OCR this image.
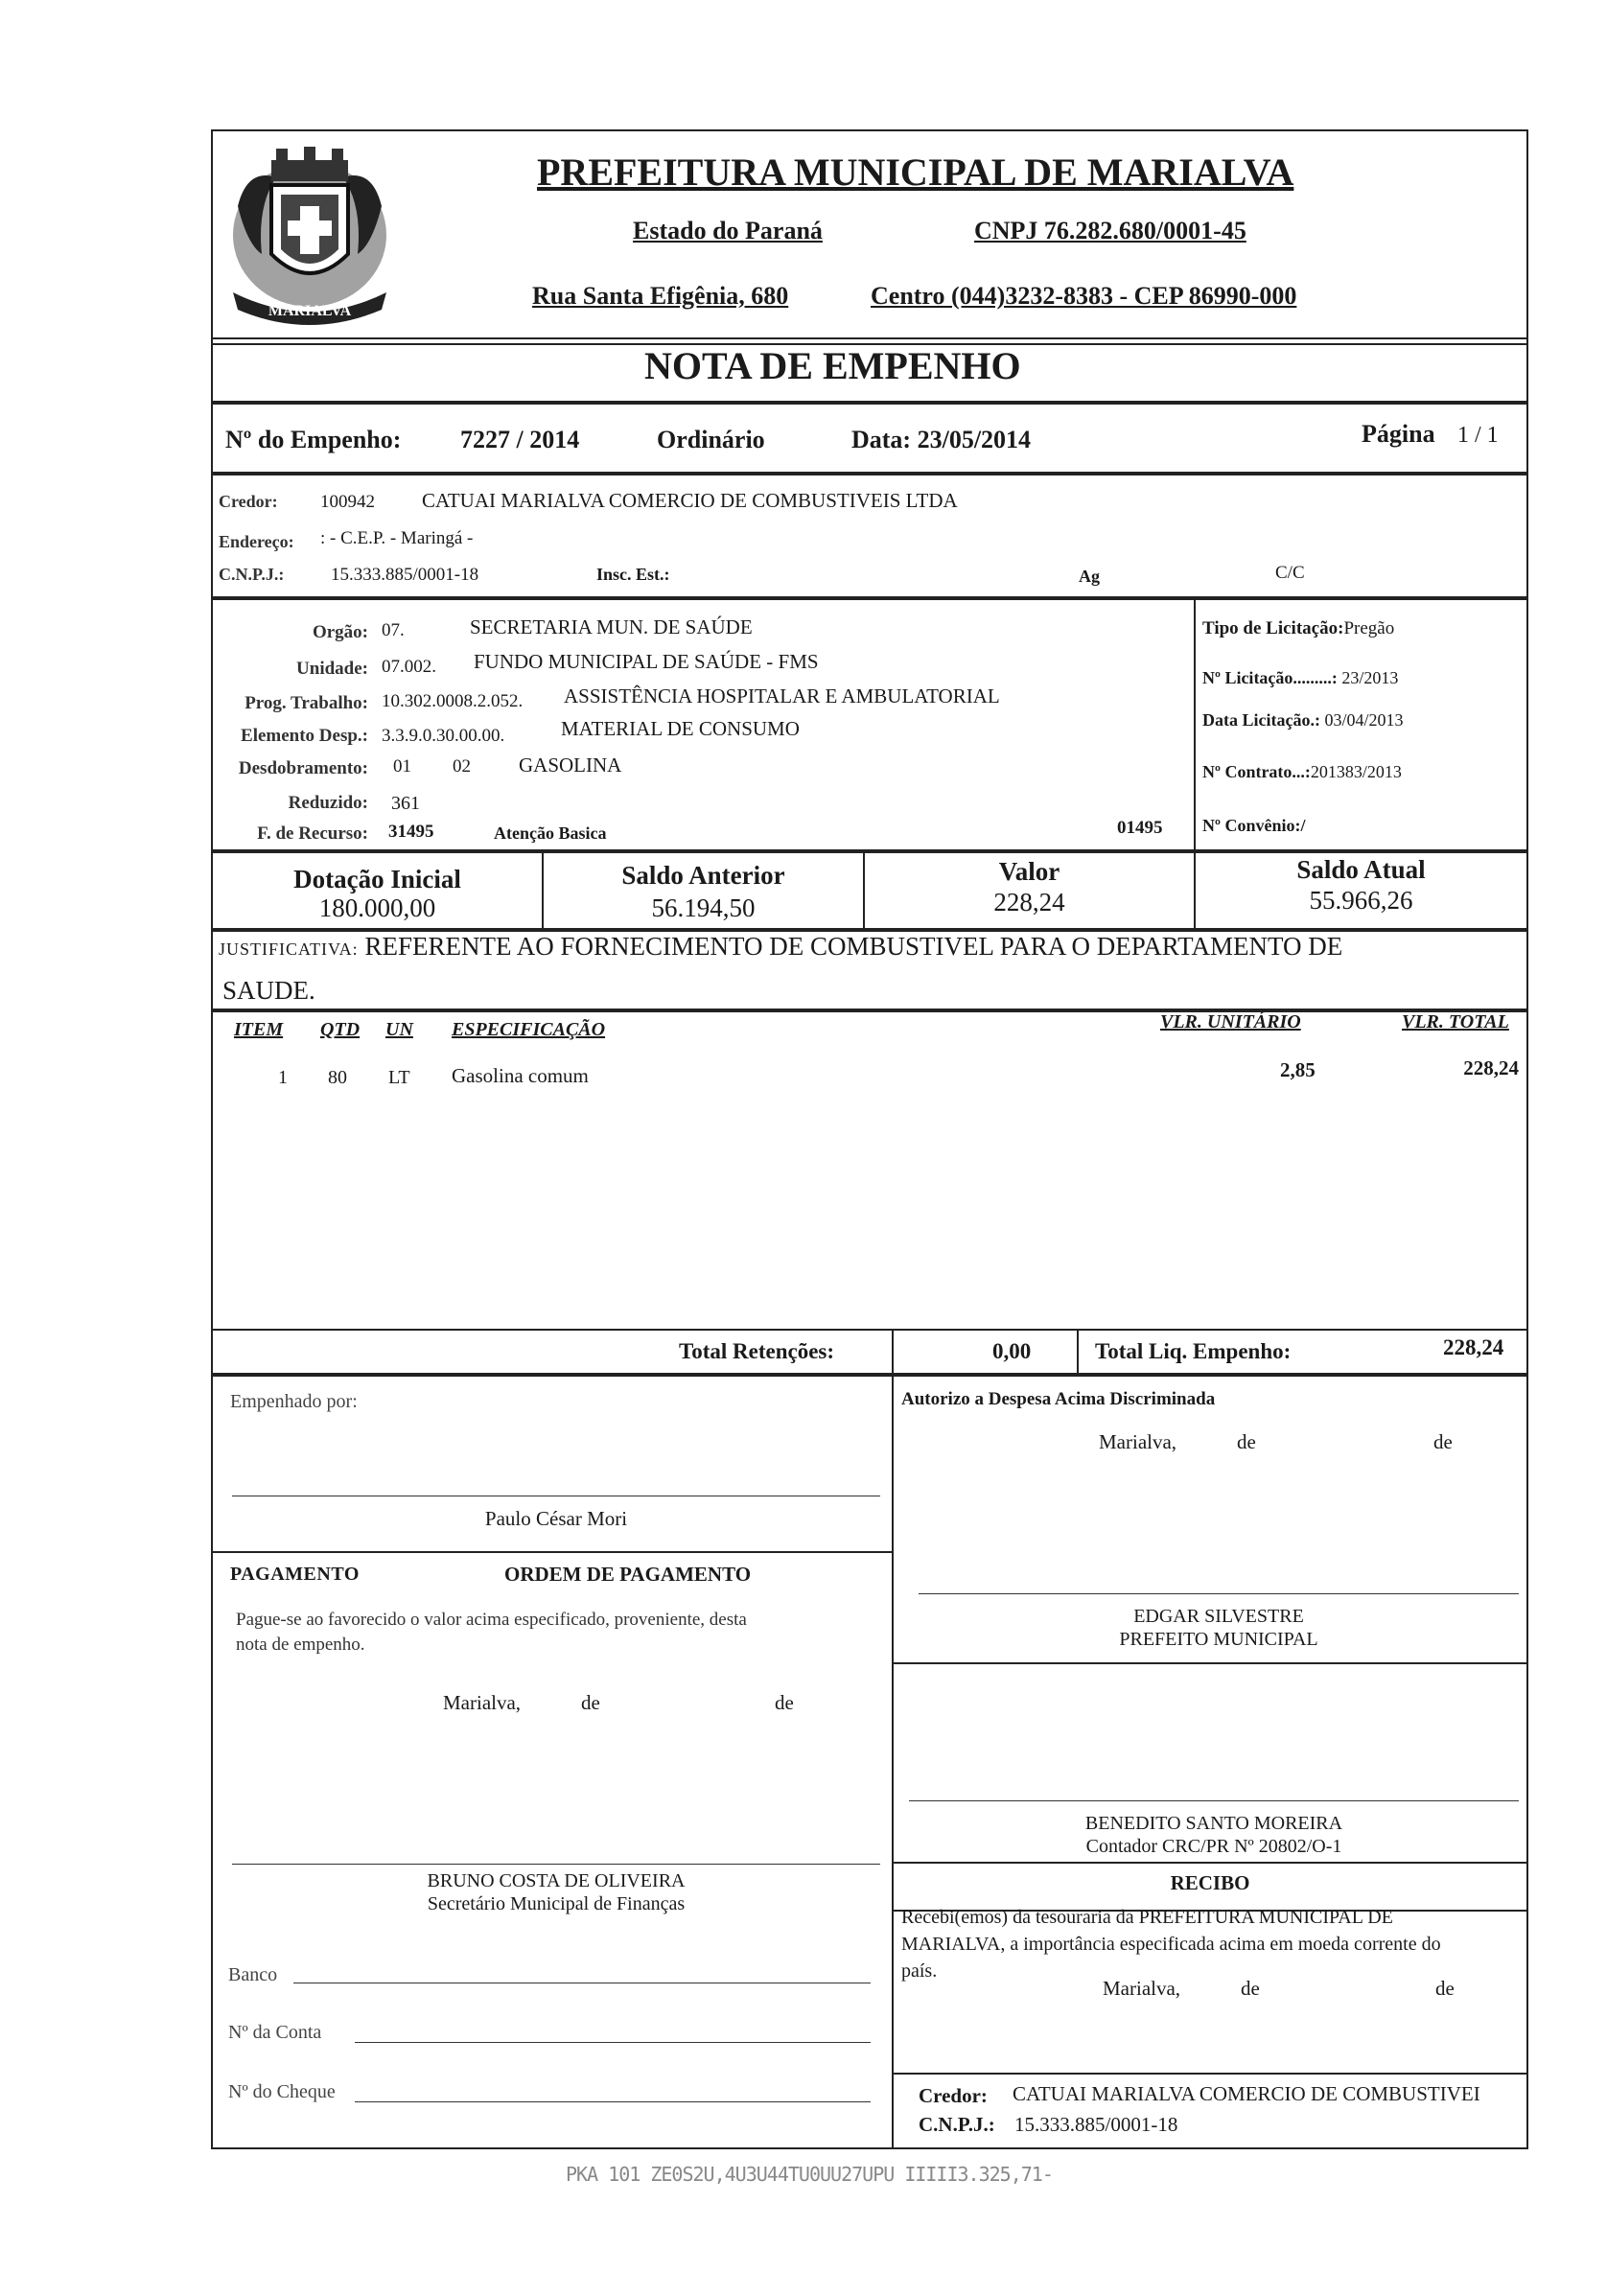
MARIALVA
PREFEITURA MUNICIPAL DE MARIALVA
Estado do Paraná	CNPJ 76.282.680/0001-45
Rua Santa Efigênia, 680	Centro (044)3232-8383 - CEP 86990-000
NOTA DE EMPENHO
Nº do Empenho: 7227 / 2014	Ordinário	Data: 23/05/2014	Página 1 / 1
Credor: 100942 CATUAI MARIALVA COMERCIO DE COMBUSTIVEIS LTDA
Endereço: : - C.E.P. - Maringá -
C.N.P.J.:	15.333.885/0001-18	Insc. Est.:	Ag	C/C
Orgão: 07.	SECRETARIA MUN. DE SAÚDE
Unidade: 07.002. FUNDO MUNICIPAL DE SAÚDE - FMS
Prog. Trabalho: 10.302.0008.2.052. ASSISTÊNCIA HOSPITALAR E AMBULATORIAL
Elemento Desp.: 3.3.9.0.30.00.00.	MATERIAL DE CONSUMO
Desdobramento: 01 02 GASOLINA
Reduzido: 361
F. de Recurso: 31495	Atenção Basica	01495
Tipo de Licitação:Pregão
Nº Licitação.........: 23/2013
Data Licitação.: 03/04/2013
Nº Contrato...:201383/2013
Nº Convênio:/
Dotação Inicial
180.000,00
Saldo Anterior
56.194,50
Valor
228,24
Saldo Atual
55.966,26
JUSTIFICATIVA: REFERENTE AO FORNECIMENTO DE COMBUSTIVEL PARA O DEPARTAMENTO DE
SAUDE.
ITEM QTD UN ESPECIFICAÇÃO	VLR. UNITÁRIO	VLR. TOTAL
1 80 LT Gasolina comum	2,85	228,24
Total Retenções:	0,00	Total Liq. Empenho:	228,24
Empenhado por:
Paulo César Mori
PAGAMENTO	ORDEM DE PAGAMENTO
Pague-se ao favorecido o valor acima especificado, proveniente, desta
nota de empenho.
Marialva,	de	de
BRUNO COSTA DE OLIVEIRA
Secretário Municipal de Finanças
Banco
Nº da Conta
Nº do Cheque
Autorizo a Despesa Acima Discriminada
Marialva,	de	de
EDGAR SILVESTRE
PREFEITO MUNICIPAL
BENEDITO SANTO MOREIRA
Contador CRC/PR Nº 20802/O-1
RECIBO
Recebi(emos) da tesouraria da PREFEITURA MUNICIPAL DE
MARIALVA, a importância especificada acima em moeda corrente do
país.
Marialva,	de	de
Credor: CATUAI MARIALVA COMERCIO DE COMBUSTIVEI
C.N.P.J.: 15.333.885/0001-18
PKA 101 ZE0S2U,4U3U44TU0UU27UPU IIIII3.325,71-
